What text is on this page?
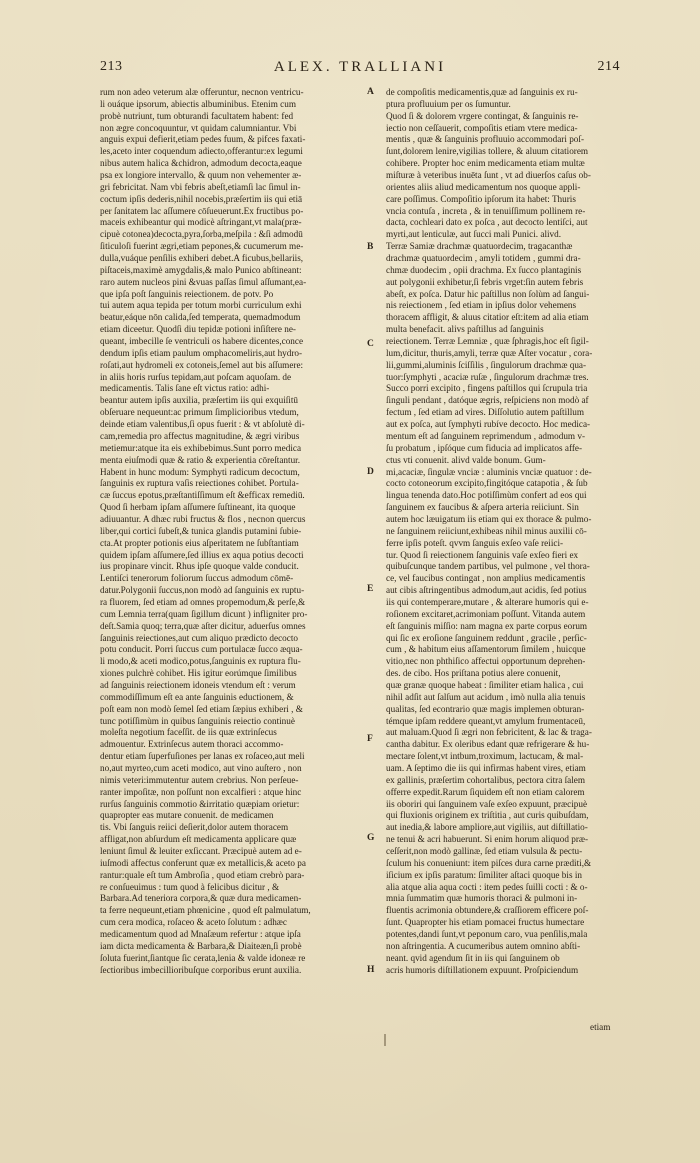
213	ALEX. TRALLIANI	214
rum non adeo veterum alæ offeruntur, necnon ventricu-
li ouáque ipsorum, abiectis albuminibus. Etenim cum
probè nutriunt, tum obturandi facultatem habent: fed
non ægre concoquuntur, vt quidam calumniantur. Vbi
anguis expui defierit,etiam pedes fuum, & pifces faxati-
les,aceto inter coquendum adiecto,offerantur:ex legumi
nibus autem halica &chidron, admodum decocta,eaque
psa ex longiore intervallo, & quum non vehementer æ-
gri febricitat. Nam vbi febris abeſt,etiamſi lac ſimul in-
coctum ipſis dederis,nihil nocebis,præſertim iis qui etiā
per ſanitatem lac aſſumere cōſueuerunt.Ex fructibus po-
maceis exhibeantur qui modicè aſtringant,vt mala(præ-
cipuè cotonea)decocta,pyra,ſorba,meſpila : &ſi admodū
ſiticuloſi fuerint ægri,etiam pepones,& cucumerum me-
dulla,vuáque penſilis exhiberi debet.A ficubus,bellariis,
piſtaceis,maximè amygdalis,& malo Punico abſtineant:
raro autem nucleos pini &vuas paſſas ſimul aſſumant,ea-
que ipſa poſt ſanguinis reiectionem. de potv. Po
tui autem aqua tepida per totum morbi curriculum exhi
beatur,eáque nōn calida,ſed temperata, quemadmodum
etiam diceetur. Quodſi diu tepidæ potioni inſiſtere ne-
queant, imbecille ſe ventriculi os habere dicentes,conce
dendum ipſis etiam paulum omphacomeliris,aut hydro-
roſati,aut hydromeli ex cotoneis,ſemel aut bis aſſumere:
in aliis horis rurſus tepidam,aut poſcam aquoſam. de
medicamentis. Talis ſane eſt victus ratio: adhi-
beantur autem ipſis auxilia, præſertim iis qui exquiſitū
obſeruare nequeunt:ac primum ſimplicioribus vtedum,
deinde etiam valentibus,ſi opus fuerit : & vt abſolutè di-
cam,remedia pro affectus magnitudine, & ægri viribus
metiemur:atque ita eis exhibebimus.Sunt porro medica
menta eiuſmodi quæ & ratio & experientia cōreſtantur.
Habent in hunc modum: Symphyti radicum decoctum,
ſanguinis ex ruptura vaſis reiectiones cohibet. Portula-
cæ ſuccus epotus,præſtantiſſimum eſt &efficax remediū.
Quod ſi herbam ipſam aſſumere ſuſtineant, ita quoque
adiuuantur. A dhæc rubi fructus & flos , necnon quercus
liber,qui cortici ſubeſt,& tunica glandis putamini ſubie-
cta.At propter potionis eius aſperitatem ne ſubſtantiam
quidem ipſam aſſumere,ſed illius ex aqua potius decocti
ius propinare vincit. Rhus ipſe quoque valde conducit.
Lentiſci tenerorum foliorum ſuccus admodum cōmē-
datur.Polygonii ſuccus,non modò ad ſanguinis ex ruptu-
ra fluorem, ſed etiam ad omnes propemodum,& perſe,&
cum Lemnia terra(quam ſigillum dicunt ) infligniter pro-
deſt.Samia quoq; terra,quæ aſter dicitur, aduerſus omnes
ſanguinis reiectiones,aut cum aliquo prædicto decocto
potu conducit. Porri ſuccus cum portulacæ ſucco æqua-
li modo,& aceti modico,potus,ſanguinis ex ruptura flu-
xiones pulchrè cohibet. His igitur eorúmque ſimilibus
ad ſanguinis reiectionem idoneis vtendum eſt : verum
commodiſſimum eſt ea ante ſanguinis eductionem, &
poſt eam non modò ſemel ſed etiam ſæpius exhiberi , &
tunc potiſſimùm in quibus ſanguinis reiectio continuè
moleſta negotium faceſſit. de iis quæ extrinſecus
admouentur. Extrinſecus autem thoraci accommo-
dentur etiam ſuperfuſiones per lanas ex roſaceo,aut meli
no,aut myrteo,cum aceti modico, aut vino auſtero , non
nimis veteri:immutentur autem crebrius. Non perſeue-
ranter impoſitæ, non poſſunt non excalfieri : atque hinc
rurſus ſanguinis commotio &irritatio quæpiam orietur:
quapropter eas mutare conuenit. de medicamen
tis. Vbi ſanguis reiici deſierit,dolor autem thoracem
affligat,non abſurdum eſt medicamenta applicare quæ
leniunt ſimul & leuiter exſiccant. Præcipuè autem ad e-
iuſmodi affectus conferunt quæ ex metallicis,& aceto pa
rantur:quale eſt tum Ambroſia , quod etiam crebrò para-
re conſueuimus : tum quod à felicibus dicitur , &
Barbara.Ad teneriora corpora,& quæ dura medicamen-
ta ferre nequeunt,etiam phœnicine , quod eſt palmulatum,
cum cera modica, roſaceo & aceto ſolutum : adhæc
medicamentum quod ad Mnaſæum refertur : atque ipſa
iam dicta medicamenta & Barbara,& Diaiteæn,ſi probè
ſoluta fuerint,ſiantque ſic cerata,lenia & valde idoneæ re
ſectioribus imbecillioribuſque corporibus erunt auxilia.
A
B
C
D
E
F
G
H
de compoſitis medicamentis,quæ ad ſanguinis ex ru-
ptura profluuium per os ſumuntur.
Quod ſi & dolorem vrgere contingat, & ſanguinis re-
iectio non ceſſauerit, compoſitis etiam vtere medica-
mentis , quæ & ſanguinis profluuio accommodari poſ-
ſunt,dolorem lenire,vigilias tollere, & aluum citatiorem
cohibere. Propter hoc enim medicamenta etiam multæ
miſturæ à veteribus inuēta ſunt , vt ad diuerſos caſus ob-
orientes aliis aliud medicamentum nos quoque appli-
care poſſimus. Compoſitio ipſorum ita habet: Thuris
vncia contuſa , increta , & in tenuiſſimum pollinem re-
dacta, cochleari dato ex poſca , aut decocto lentiſci, aut
myrti,aut lenticulæ, aut ſucci mali Punici. alivd.
Terræ Samiæ drachmæ quatuordecim, tragacanthæ
drachmæ quatuordecim , amyli totidem , gummi dra-
chmæ duodecim , opii drachma. Ex ſucco plantaginis
aut polygonii exhibetur,ſi febris vrget:ſin autem febris
abeſt, ex poſca. Datur hic paſtillus non ſolùm ad ſangui-
nis reiectionem , ſed etiam in ipſius dolor vehemens
thoracem affligit, & aluus citatior eſt:item ad alia etiam
multa benefacit. alivs paſtillus ad ſanguinis
reiectionem. Terræ Lemniæ , quæ ſphragis,hoc eſt ſigil-
lum,dicitur, thuris,amyli, terræ quæ Aſter vocatur , cora-
lii,gummi,aluminis ſciſſilis , ſingulorum drachmæ qua-
tuor:ſymphyti , acaciæ ruſæ , ſingulorum drachmæ tres.
Succo porri excipito , fingens paſtillos qui ſcrupula tria
ſinguli pendant , datóque ægris, reſpiciens non modò af
fectum , ſed etiam ad vires. Diſſolutio autem paſtillum
aut ex poſca, aut ſymphyti rubíve decocto. Hoc medica-
mentum eſt ad ſanguinem reprimendum , admodum v-
ſu probatum , ipſóque cum fiducia ad implicatos affe-
ctus vti conuenit. alivd valde bonum. Gum-
mi,acaciæ, ſingulæ vnciæ : aluminis vnciæ quatuor : de-
cocto cotoneorum excipito,fingitóque catapotia , & ſub
lingua tenenda dato.Hoc potiſſimùm confert ad eos qui
ſanguinem ex faucibus & aſpera arteria reiiciunt. Sin
autem hoc læuigatum iis etiam qui ex thorace & pulmo-
ne ſanguinem reiiciunt,exhibeas nihil minus auxilii cō-
ferre ipſis poteſt. qvvm ſanguis exſeo vaſe reiici-
tur. Quod ſi reiectionem ſanguinis vaſe exſeo fieri ex
quibuſcunque tandem partibus, vel pulmone , vel thora-
ce, vel faucibus contingat , non amplius medicamentis
aut cibis aſtringentibus admodum,aut acidis, ſed potius
iis qui contemperare,mutare , & alterare humoris qui e-
roſionem excitaret,acrimoniam poſſunt. Vitanda autem
eſt ſanguinis miſſio: nam magna ex parte corpus eorum
qui ſic ex eroſione ſanguinem reddunt , gracile , perſic-
cum , & habitum eius aſſamentorum ſimilem , huicque
vitio,nec non phthiſico affectui opportunum deprehen-
des. de cibo. Hos priſtana potius alere conuenit,
quæ granæ quoque habeat : ſimiliter etiam halica , cui
nihil adſit aut ſalſum aut acidum , imò nulla alia tenuis
qualitas, ſed econtrario quæ magis implemen obturan-
témque ipſam reddere queant,vt amylum frumentaceū,
aut maluam.Quod ſi ægri non febricitent, & lac & traga-
cantha dabitur. Ex oleribus edant quæ refrigerare & hu-
mectare ſolent,vt intbum,troximum, lactucam, & mal-
uam. A ſeptimo die iis qui infirmas habent vires, etiam
ex gallinis, præſertim cohortalibus, pectora citra ſalem
offerre expedit.Rarum ſiquidem eſt non etiam calorem
iis oboriri qui ſanguinem vaſe exſeo expuunt, præcipuè
qui fluxionis originem ex triſtitia , aut curis quibuſdam,
aut inedia,& labore ampliore,aut vigiliis, aut diſtillatio-
ne tenui & acri habuerunt. Si enim horum aliquod præ-
ceſſerit,non modò gallinæ, ſed etiam vulsula & pectu-
ſculum his conueniunt: item piſces dura carne præditi,&
iſicium ex ipſis paratum: ſimiliter aſtaci quoque bis in
alia atque alia aqua cocti : item pedes ſuilli cocti : & o-
mnia ſummatim quæ humoris thoraci & pulmoni in-
fluentis acrimonia obtundere,& craſſiorem efficere poſ-
ſunt. Quapropter his etiam pomacei fructus humectare
potentes,dandi ſunt,vt peponum caro, vua penſilis,mala
non aſtringentia. A cucumeribus autem omnino abſti-
neant. qvid agendum ſit in iis qui ſanguinem ob
acris humoris diſtillationem expuunt. Proſpiciendum
etiam
